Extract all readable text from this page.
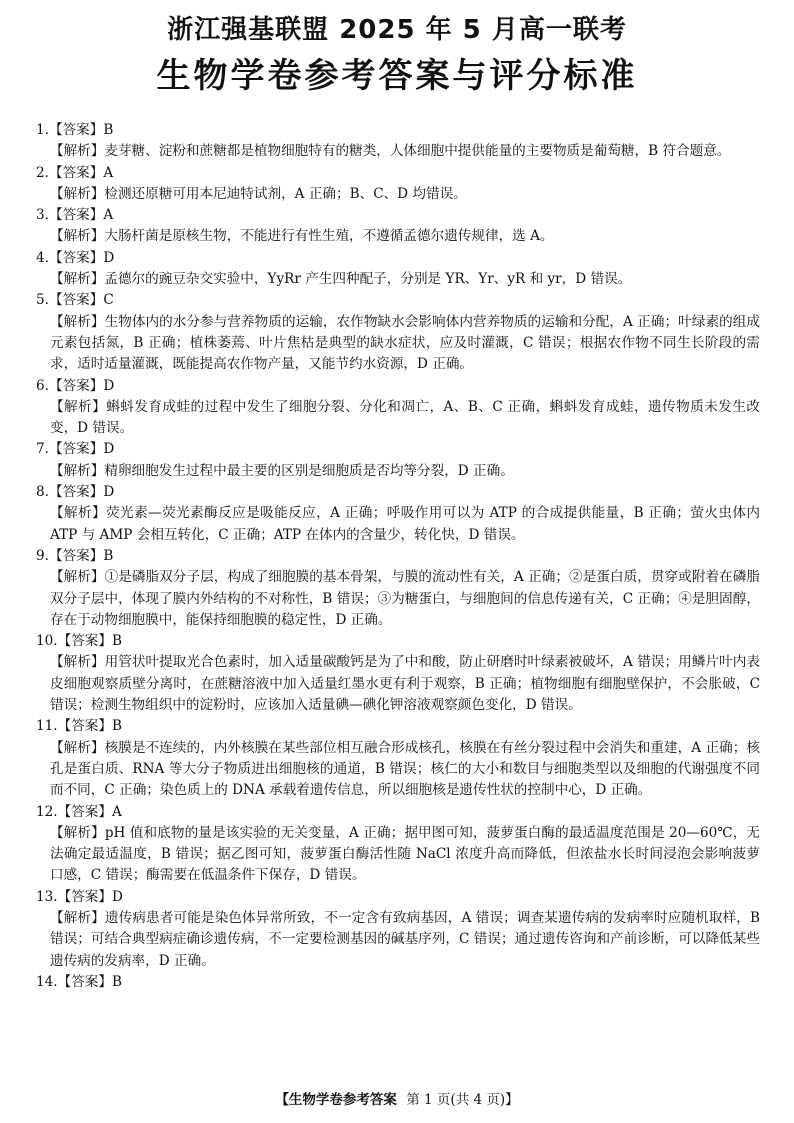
浙江强基联盟 2025 年 5 月高一联考
生物学卷参考答案与评分标准
1.【答案】B
【解析】麦芽糖、淀粉和蔗糖都是植物细胞特有的糖类，人体细胞中提供能量的主要物质是葡萄糖，B 符合题意。
2.【答案】A
【解析】检测还原糖可用本尼迪特试剂，A 正确；B、C、D 均错误。
3.【答案】A
【解析】大肠杆菌是原核生物，不能进行有性生殖，不遵循孟德尔遗传规律，选 A。
4.【答案】D
【解析】孟德尔的豌豆杂交实验中，YyRr 产生四种配子，分别是 YR、Yr、yR 和 yr，D 错误。
5.【答案】C
【解析】生物体内的水分参与营养物质的运输，农作物缺水会影响体内营养物质的运输和分配，A 正确；叶绿素的组成元素包括氮，B 正确；植株萎蔫、叶片焦枯是典型的缺水症状，应及时灌溉，C 错误；根据农作物不同生长阶段的需求，适时适量灌溉，既能提高农作物产量，又能节约水资源，D 正确。
6.【答案】D
【解析】蝌蚪发育成蛙的过程中发生了细胞分裂、分化和凋亡，A、B、C 正确，蝌蚪发育成蛙，遗传物质未发生改变，D 错误。
7.【答案】D
【解析】精卵细胞发生过程中最主要的区别是细胞质是否均等分裂，D 正确。
8.【答案】D
【解析】荧光素—荧光素酶反应是吸能反应，A 正确；呼吸作用可以为 ATP 的合成提供能量，B 正确；萤火虫体内 ATP 与 AMP 会相互转化，C 正确；ATP 在体内的含量少，转化快，D 错误。
9.【答案】B
【解析】①是磷脂双分子层，构成了细胞膜的基本骨架，与膜的流动性有关，A 正确；②是蛋白质，贯穿或附着在磷脂双分子层中，体现了膜内外结构的不对称性，B 错误；③为糖蛋白，与细胞间的信息传递有关，C 正确；④是胆固醇，存在于动物细胞膜中，能保持细胞膜的稳定性，D 正确。
10.【答案】B
【解析】用管状叶提取光合色素时，加入适量碳酸钙是为了中和酸，防止研磨时叶绿素被破坏，A 错误；用鳞片叶内表皮细胞观察质壁分离时，在蔗糖溶液中加入适量红墨水更有利于观察，B 正确；植物细胞有细胞壁保护，不会胀破，C 错误；检测生物组织中的淀粉时，应该加入适量碘—碘化钾溶液观察颜色变化，D 错误。
11.【答案】B
【解析】核膜是不连续的，内外核膜在某些部位相互融合形成核孔，核膜在有丝分裂过程中会消失和重建，A 正确；核孔是蛋白质、RNA 等大分子物质进出细胞核的通道，B 错误；核仁的大小和数目与细胞类型以及细胞的代谢强度不同而不同，C 正确；染色质上的 DNA 承载着遗传信息，所以细胞核是遗传性状的控制中心，D 正确。
12.【答案】A
【解析】pH 值和底物的量是该实验的无关变量，A 正确；据甲图可知，菠萝蛋白酶的最适温度范围是 20—60℃，无法确定最适温度，B 错误；据乙图可知，菠萝蛋白酶活性随 NaCl 浓度升高而降低，但浓盐水长时间浸泡会影响菠萝口感，C 错误；酶需要在低温条件下保存，D 错误。
13.【答案】D
【解析】遗传病患者可能是染色体异常所致，不一定含有致病基因，A 错误；调查某遗传病的发病率时应随机取样，B 错误；可结合典型病症确诊遗传病，不一定要检测基因的碱基序列，C 错误；通过遗传咨询和产前诊断，可以降低某些遗传病的发病率，D 正确。
14.【答案】B
【生物学卷参考答案 第 1 页(共 4 页)】
